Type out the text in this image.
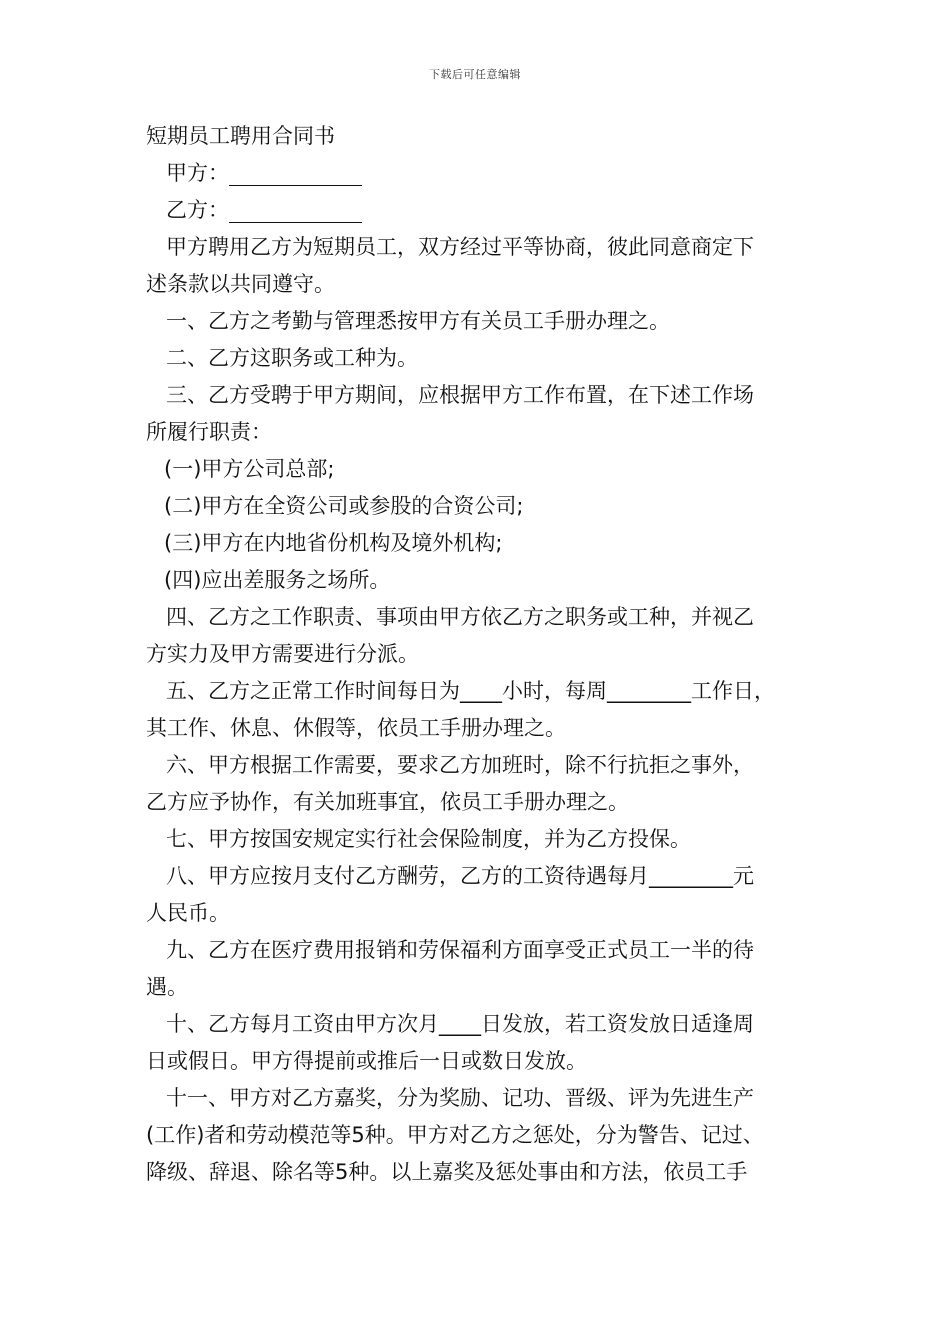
下载后可任意编辑

短期员工聘用合同书

甲方：

乙方：

甲方聘用乙方为短期员工，双方经过平等协商，彼此同意商定下
述条款以共同遵守。

一、乙方之考勤与管理悉按甲方有关员工手册办理之。

二、乙方这职务或工种为。

三、乙方受聘于甲方期间，应根据甲方工作布置，在下述工作场
所履行职责：

(一)甲方公司总部;

(二)甲方在全资公司或参股的合资公司;

(三)甲方在内地省份机构及境外机构;

(四)应出差服务之场所。

四、乙方之工作职责、事项由甲方依乙方之职务或工种，并视乙
方实力及甲方需要进行分派。

五、乙方之正常工作时间每日为____小时，每周________工作日，
其工作、休息、休假等，依员工手册办理之。

六、甲方根据工作需要，要求乙方加班时，除不行抗拒之事外，
乙方应予协作，有关加班事宜，依员工手册办理之。

七、甲方按国安规定实行社会保险制度，并为乙方投保。

八、甲方应按月支付乙方酬劳，乙方的工资待遇每月________元
人民币。

九、乙方在医疗费用报销和劳保福利方面享受正式员工一半的待
遇。

十、乙方每月工资由甲方次月____日发放，若工资发放日适逢周
日或假日。甲方得提前或推后一日或数日发放。

十一、甲方对乙方嘉奖，分为奖励、记功、晋级、评为先进生产
(工作)者和劳动模范等5种。甲方对乙方之惩处，分为警告、记过、
降级、辞退、除名等5种。以上嘉奖及惩处事由和方法，依员工手
